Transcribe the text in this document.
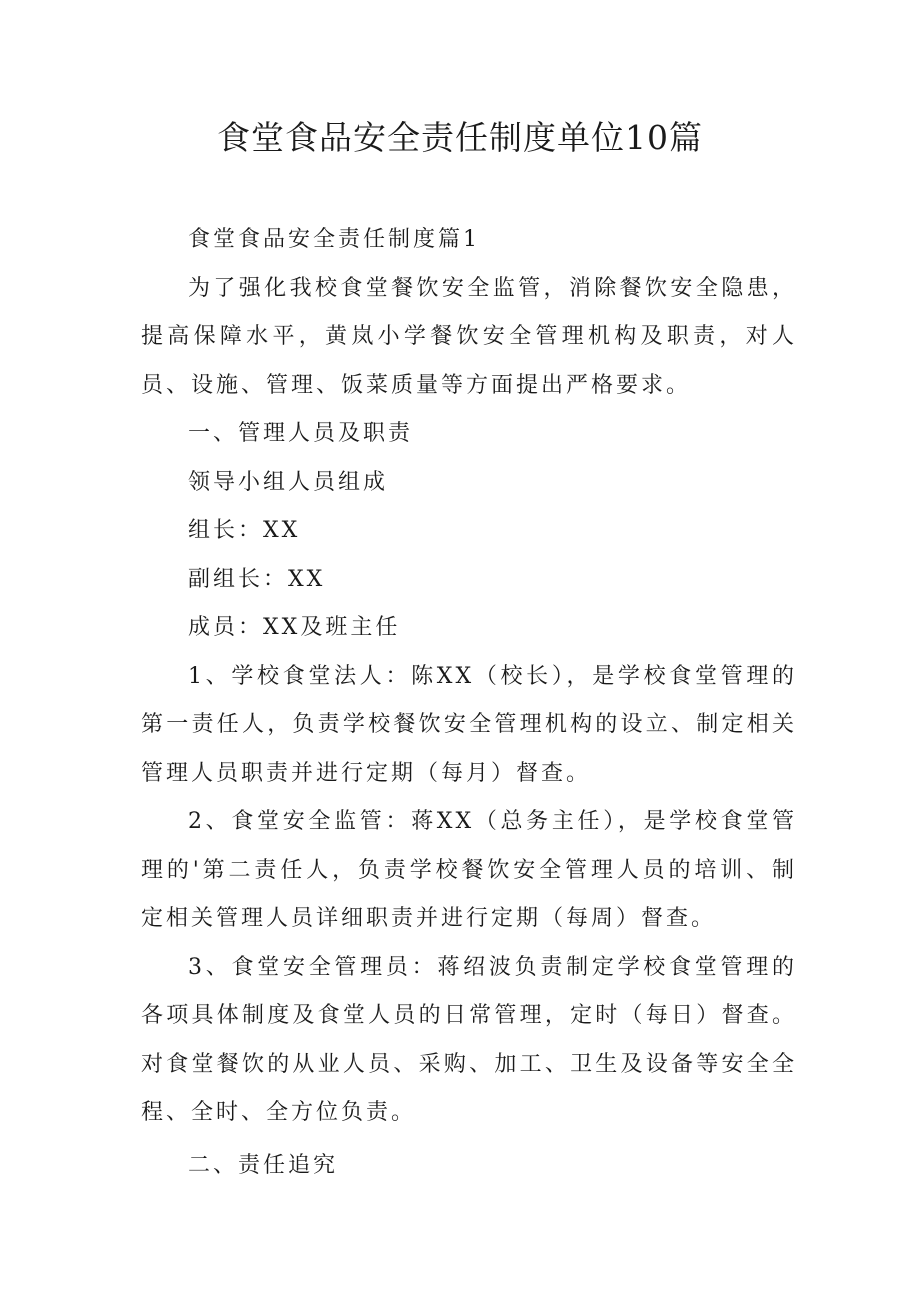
食堂食品安全责任制度单位10篇

食堂食品安全责任制度篇1

为了强化我校食堂餐饮安全监管，消除餐饮安全隐患，提高保障水平，黄岚小学餐饮安全管理机构及职责，对人员、设施、管理、饭菜质量等方面提出严格要求。

一、管理人员及职责

领导小组人员组成

组长：XX

副组长：XX

成员：XX及班主任

1、学校食堂法人：陈XX（校长），是学校食堂管理的第一责任人，负责学校餐饮安全管理机构的设立、制定相关管理人员职责并进行定期（每月）督查。

2、食堂安全监管：蒋XX（总务主任），是学校食堂管理的'第二责任人，负责学校餐饮安全管理人员的培训、制定相关管理人员详细职责并进行定期（每周）督查。

3、食堂安全管理员：蒋绍波负责制定学校食堂管理的各项具体制度及食堂人员的日常管理，定时（每日）督查。对食堂餐饮的从业人员、采购、加工、卫生及设备等安全全程、全时、全方位负责。

二、责任追究
